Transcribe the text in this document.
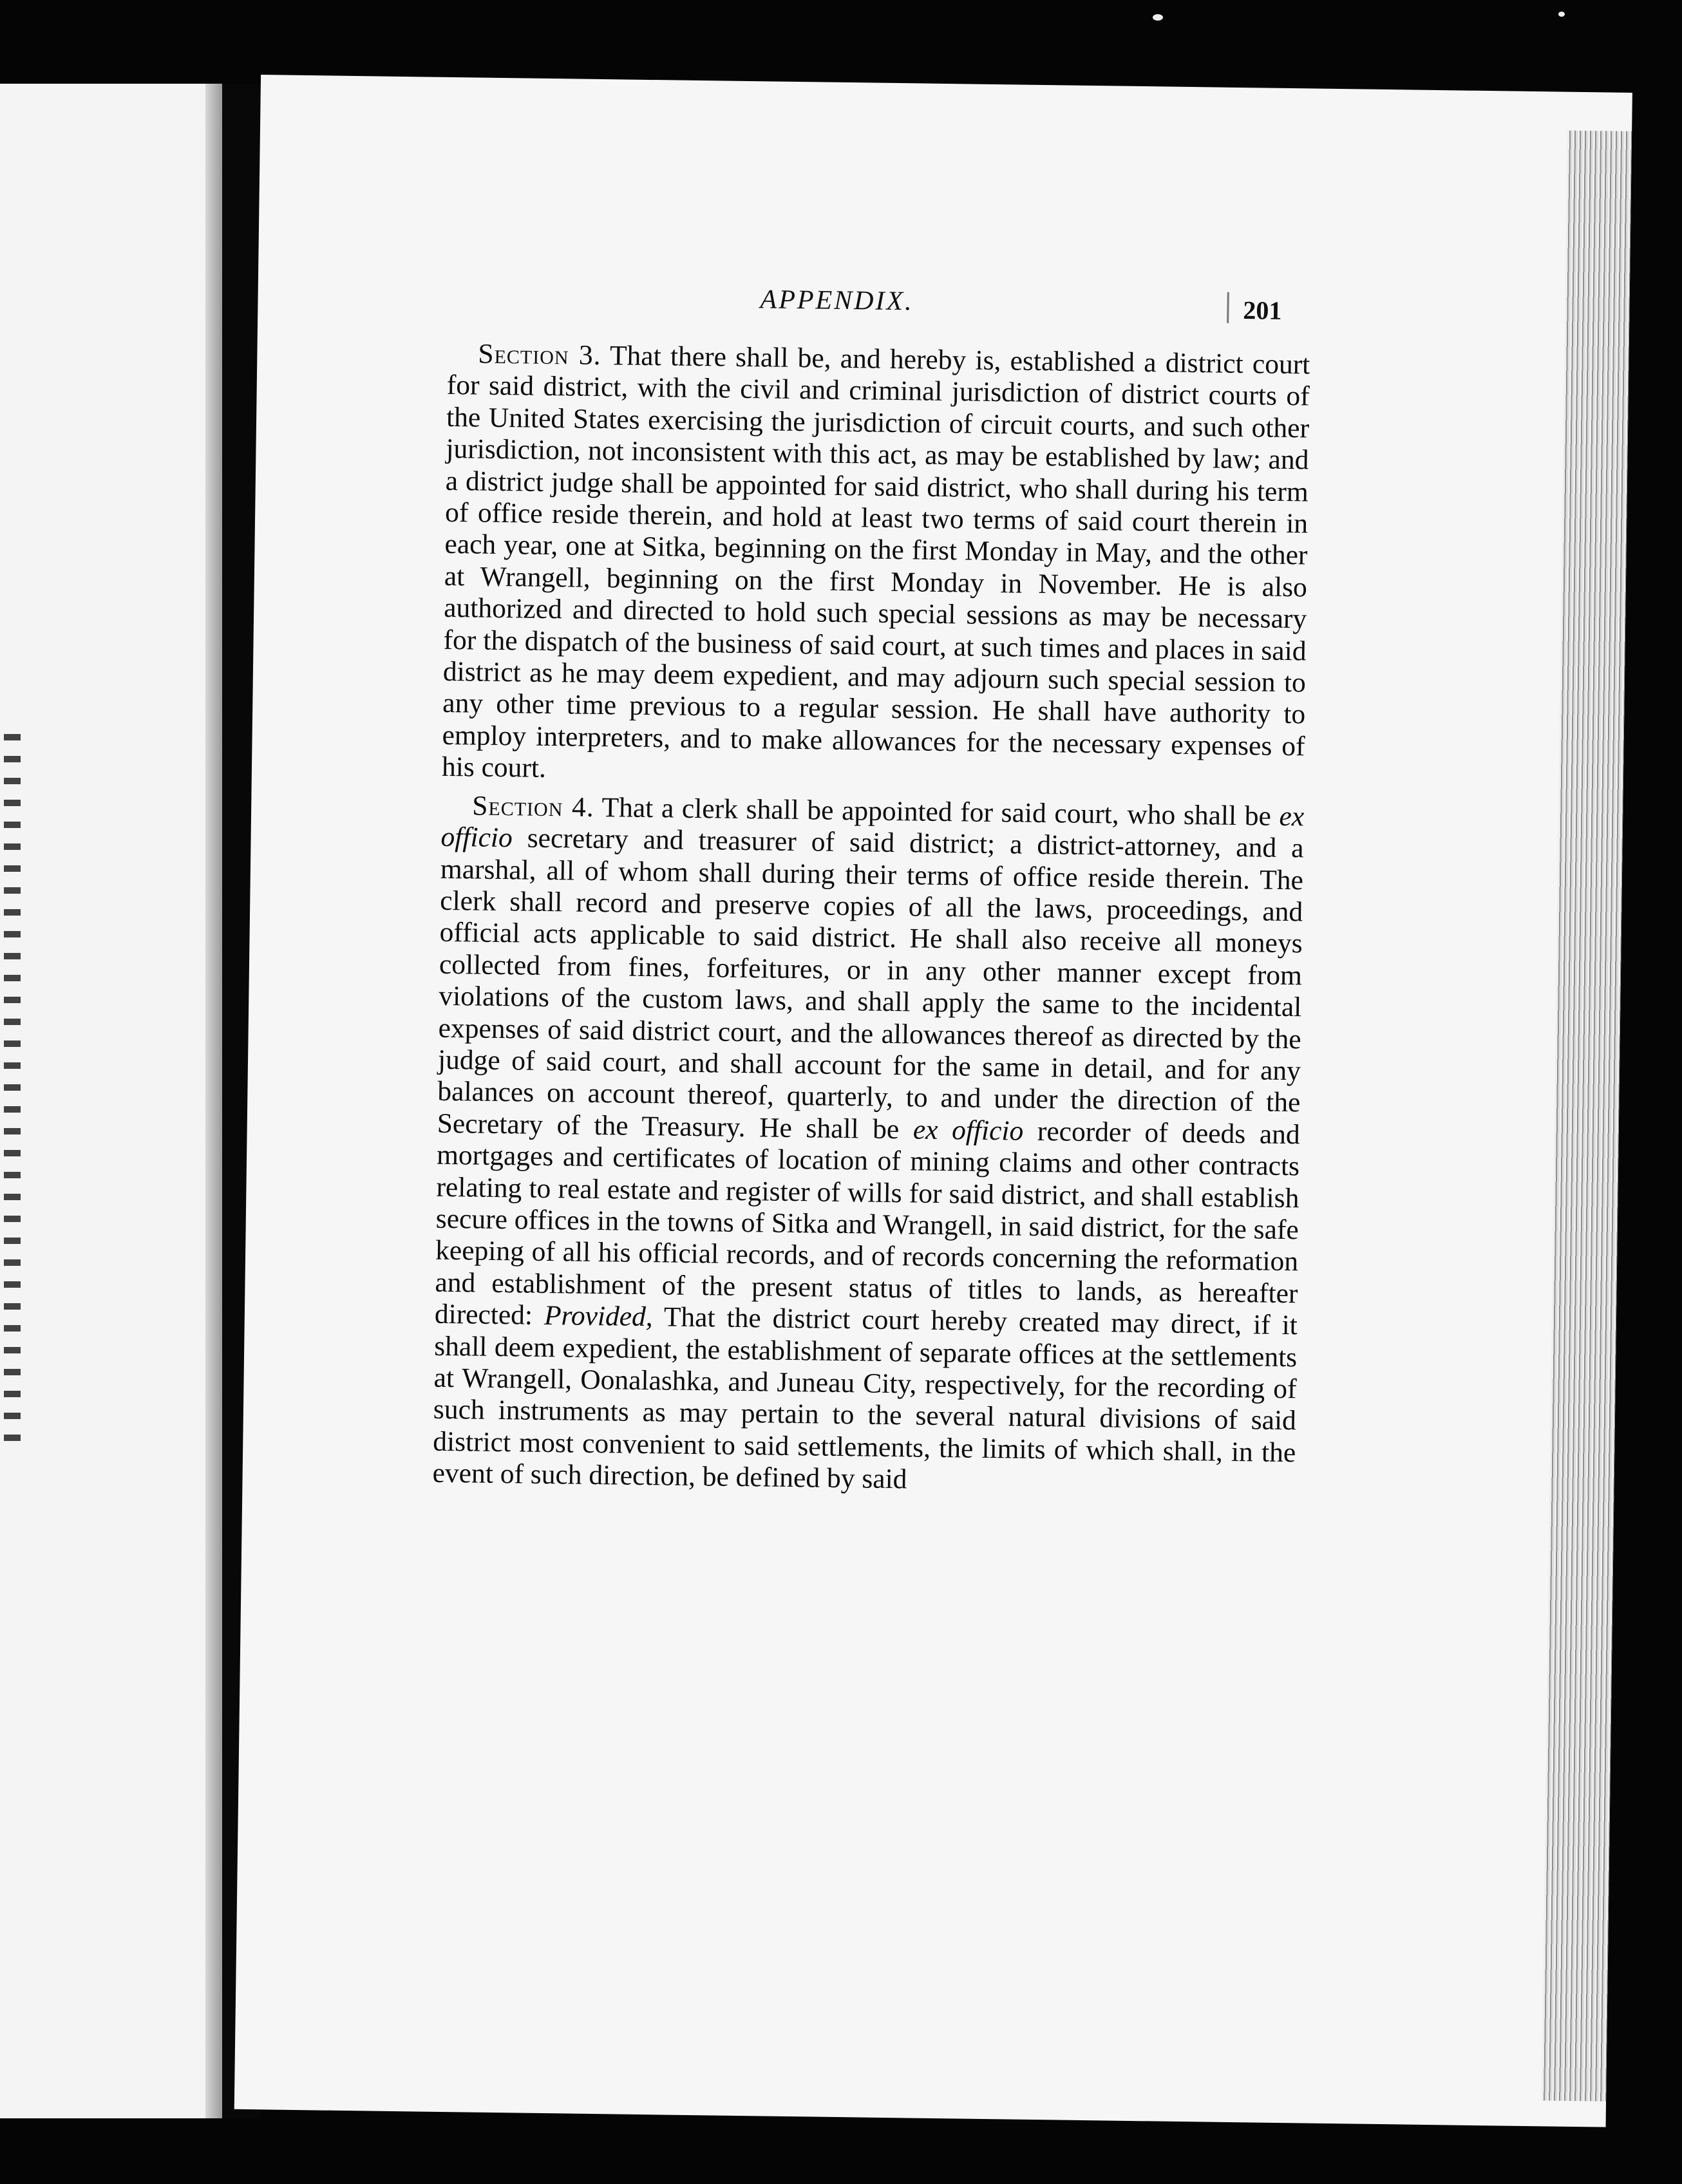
APPENDIX.	201

Section 3. That there shall be, and hereby is, established a district court for said district, with the civil and criminal jurisdiction of district courts of the United States exercising the jurisdiction of circuit courts, and such other jurisdiction, not inconsistent with this act, as may be established by law; and a district judge shall be appointed for said district, who shall during his term of office reside therein, and hold at least two terms of said court therein in each year, one at Sitka, beginning on the first Monday in May, and the other at Wrangell, beginning on the first Monday in November. He is also authorized and directed to hold such special sessions as may be necessary for the dispatch of the business of said court, at such times and places in said district as he may deem expedient, and may adjourn such special session to any other time previous to a regular session. He shall have authority to employ interpreters, and to make allowances for the necessary expenses of his court.

Section 4. That a clerk shall be appointed for said court, who shall be ex officio secretary and treasurer of said district; a district-attorney, and a marshal, all of whom shall during their terms of office reside therein. The clerk shall record and preserve copies of all the laws, proceedings, and official acts applicable to said district. He shall also receive all moneys collected from fines, forfeitures, or in any other manner except from violations of the custom laws, and shall apply the same to the incidental expenses of said district court, and the allowances thereof as directed by the judge of said court, and shall account for the same in detail, and for any balances on account thereof, quarterly, to and under the direction of the Secretary of the Treasury. He shall be ex officio recorder of deeds and mortgages and certificates of location of mining claims and other contracts relating to real estate and register of wills for said district, and shall establish secure offices in the towns of Sitka and Wrangell, in said district, for the safe keeping of all his official records, and of records concerning the reformation and establishment of the present status of titles to lands, as hereafter directed: Provided, That the district court hereby created may direct, if it shall deem expedient, the establishment of separate offices at the settlements at Wrangell, Oonalashka, and Juneau City, respectively, for the recording of such instruments as may pertain to the several natural divisions of said district most convenient to said settlements, the limits of which shall, in the event of such direction, be defined by said
